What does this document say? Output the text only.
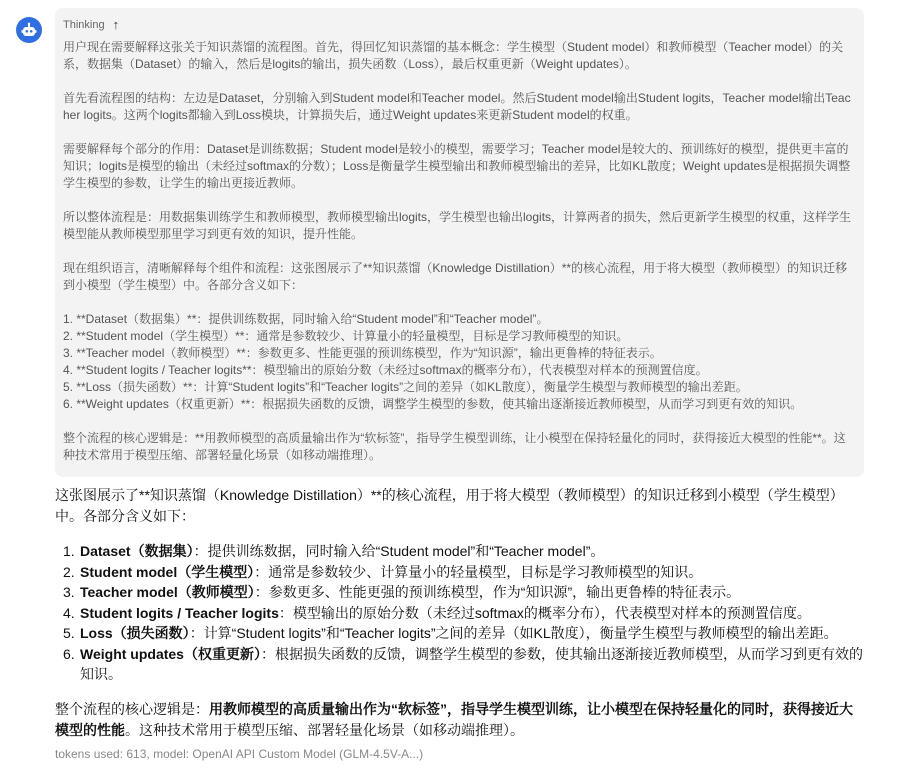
Thinking ↑
用户现在需要解释这张关于知识蒸馏的流程图。首先，得回忆知识蒸馏的基本概念：学生模型（Student model）和教师模型（Teacher model）的关系，数据集（Dataset）的输入，然后是logits的输出，损失函数（Loss），最后权重更新（Weight updates）。
首先看流程图的结构：左边是Dataset，分别输入到Student model和Teacher model。然后Student model输出Student logits，Teacher model输出Teacher logits。这两个logits都输入到Loss模块，计算损失后，通过Weight updates来更新Student model的权重。
需要解释每个部分的作用：Dataset是训练数据；Student model是较小的模型，需要学习；Teacher model是较大的、预训练好的模型，提供更丰富的知识；logits是模型的输出（未经过softmax的分数）；Loss是衡量学生模型输出和教师模型输出的差异，比如KL散度；Weight updates是根据损失调整学生模型的参数，让学生的输出更接近教师。
所以整体流程是：用数据集训练学生和教师模型，教师模型输出logits，学生模型也输出logits，计算两者的损失，然后更新学生模型的权重，这样学生模型能从教师模型那里学习到更有效的知识，提升性能。
现在组织语言，清晰解释每个组件和流程：这张图展示了**知识蒸馏（Knowledge Distillation）**的核心流程，用于将大模型（教师模型）的知识迁移到小模型（学生模型）中。各部分含义如下：
1. **Dataset（数据集）**：提供训练数据，同时输入给“Student model”和“Teacher model”。
2. **Student model（学生模型）**：通常是参数较少、计算量小的轻量模型，目标是学习教师模型的知识。
3. **Teacher model（教师模型）**：参数更多、性能更强的预训练模型，作为“知识源”，输出更鲁棒的特征表示。
4. **Student logits / Teacher logits**：模型输出的原始分数（未经过softmax的概率分布），代表模型对样本的预测置信度。
5. **Loss（损失函数）**：计算“Student logits”和“Teacher logits”之间的差异（如KL散度），衡量学生模型与教师模型的输出差距。
6. **Weight updates（权重更新）**：根据损失函数的反馈，调整学生模型的参数，使其输出逐渐接近教师模型，从而学习到更有效的知识。
整个流程的核心逻辑是：**用教师模型的高质量输出作为“软标签”，指导学生模型训练，让小模型在保持轻量化的同时，获得接近大模型的性能**。这种技术常用于模型压缩、部署轻量化场景（如移动端推理）。

这张图展示了**知识蒸馏（Knowledge Distillation）**的核心流程，用于将大模型（教师模型）的知识迁移到小模型（学生模型）中。各部分含义如下：

1. Dataset（数据集）：提供训练数据，同时输入给“Student model”和“Teacher model”。
2. Student model（学生模型）：通常是参数较少、计算量小的轻量模型，目标是学习教师模型的知识。
3. Teacher model（教师模型）：参数更多、性能更强的预训练模型，作为“知识源”，输出更鲁棒的特征表示。
4. Student logits / Teacher logits：模型输出的原始分数（未经过softmax的概率分布），代表模型对样本的预测置信度。
5. Loss（损失函数）：计算“Student logits”和“Teacher logits”之间的差异（如KL散度），衡量学生模型与教师模型的输出差距。
6. Weight updates（权重更新）：根据损失函数的反馈，调整学生模型的参数，使其输出逐渐接近教师模型，从而学习到更有效的知识。

整个流程的核心逻辑是：用教师模型的高质量输出作为“软标签”，指导学生模型训练，让小模型在保持轻量化的同时，获得接近大模型的性能。这种技术常用于模型压缩、部署轻量化场景（如移动端推理）。

tokens used: 613, model: OpenAI API Custom Model (GLM-4.5V-A...)
